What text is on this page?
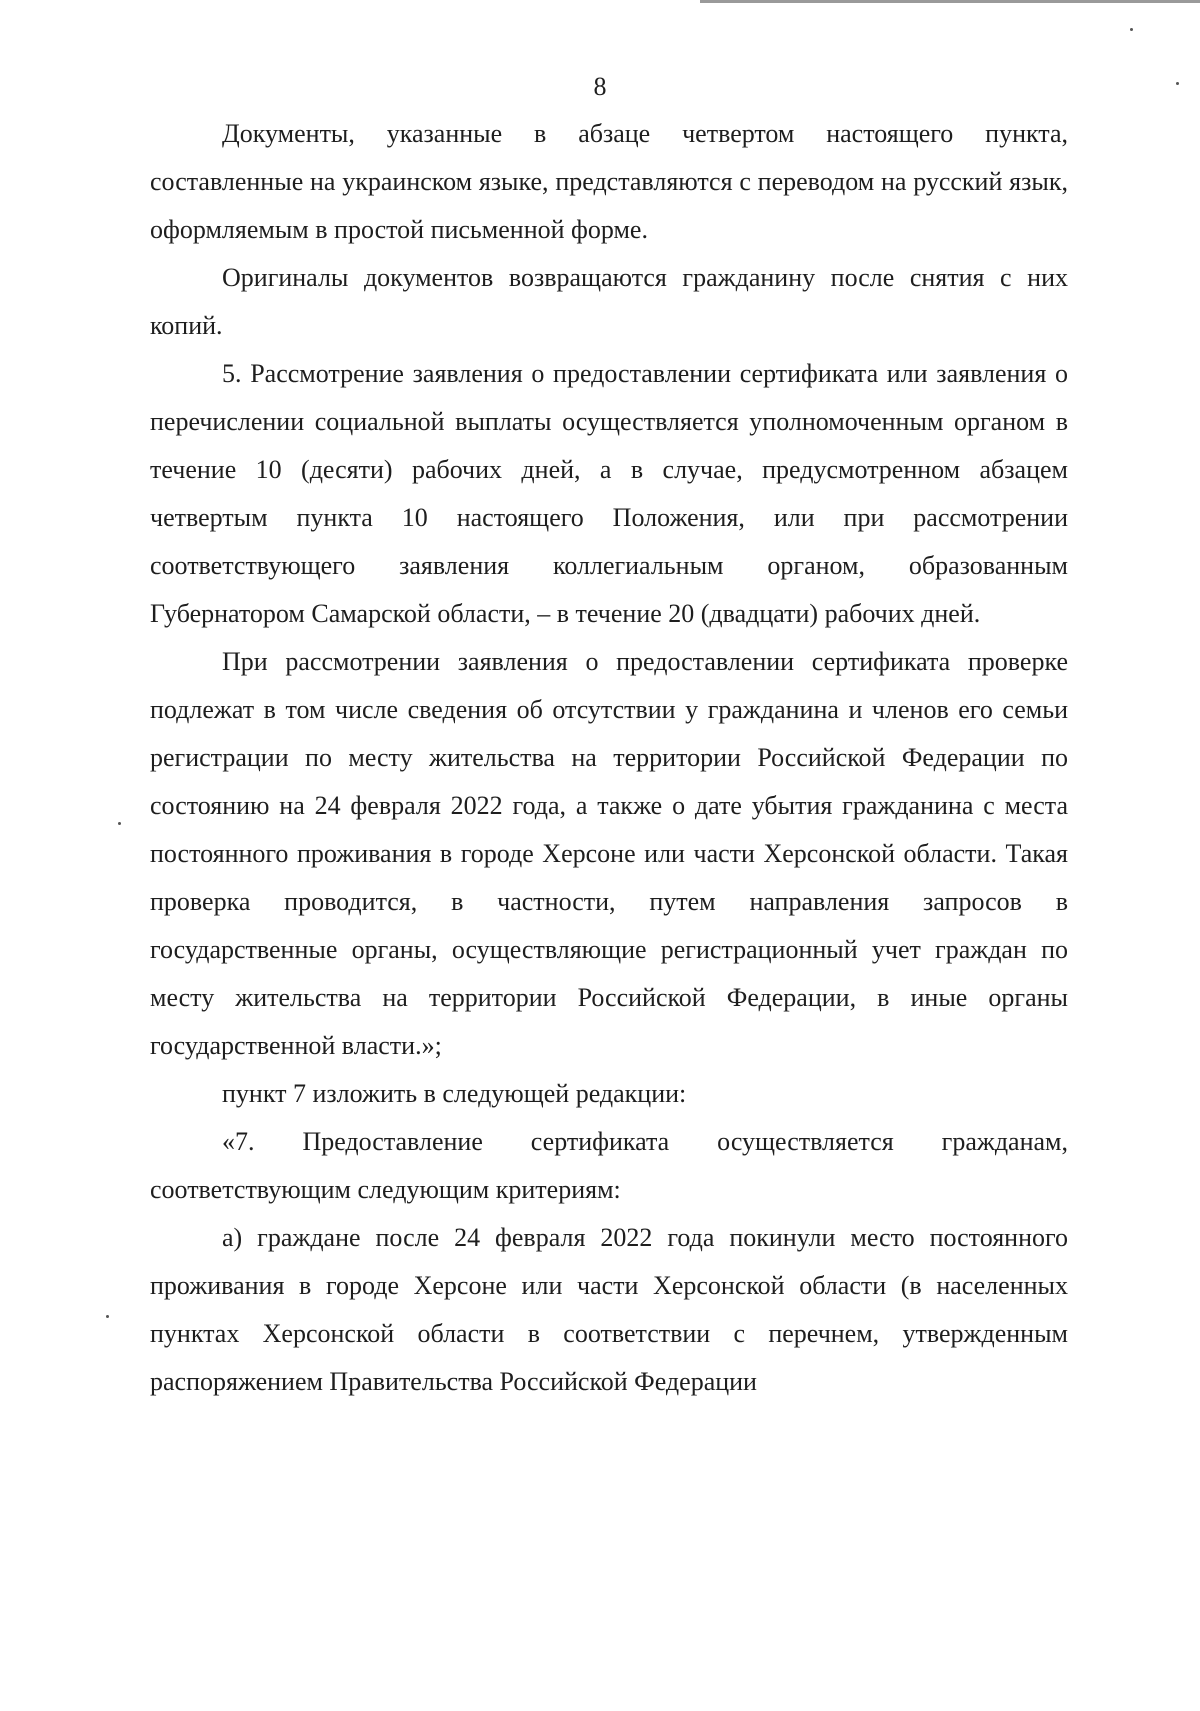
8

Документы, указанные в абзаце четвертом настоящего пункта, составленные на украинском языке, представляются с переводом на русский язык, оформляемым в простой письменной форме.

Оригиналы документов возвращаются гражданину после снятия с них копий.

5. Рассмотрение заявления о предоставлении сертификата или заявления о перечислении социальной выплаты осуществляется уполномоченным органом в течение 10 (десяти) рабочих дней, а в случае, предусмотренном абзацем четвертым пункта 10 настоящего Положения, или при рассмотрении соответствующего заявления коллегиальным органом, образованным Губернатором Самарской области, – в течение 20 (двадцати) рабочих дней.

При рассмотрении заявления о предоставлении сертификата проверке подлежат в том числе сведения об отсутствии у гражданина и членов его семьи регистрации по месту жительства на территории Российской Федерации по состоянию на 24 февраля 2022 года, а также о дате убытия гражданина с места постоянного проживания в городе Херсоне или части Херсонской области. Такая проверка проводится, в частности, путем направления запросов в государственные органы, осуществляющие регистрационный учет граждан по месту жительства на территории Российской Федерации, в иные органы государственной власти.»;

пункт 7 изложить в следующей редакции:

«7. Предоставление сертификата осуществляется гражданам, соответствующим следующим критериям:

а) граждане после 24 февраля 2022 года покинули место постоянного проживания в городе Херсоне или части Херсонской области (в населенных пунктах Херсонской области в соответствии с перечнем, утвержденным распоряжением Правительства Российской Федерации
